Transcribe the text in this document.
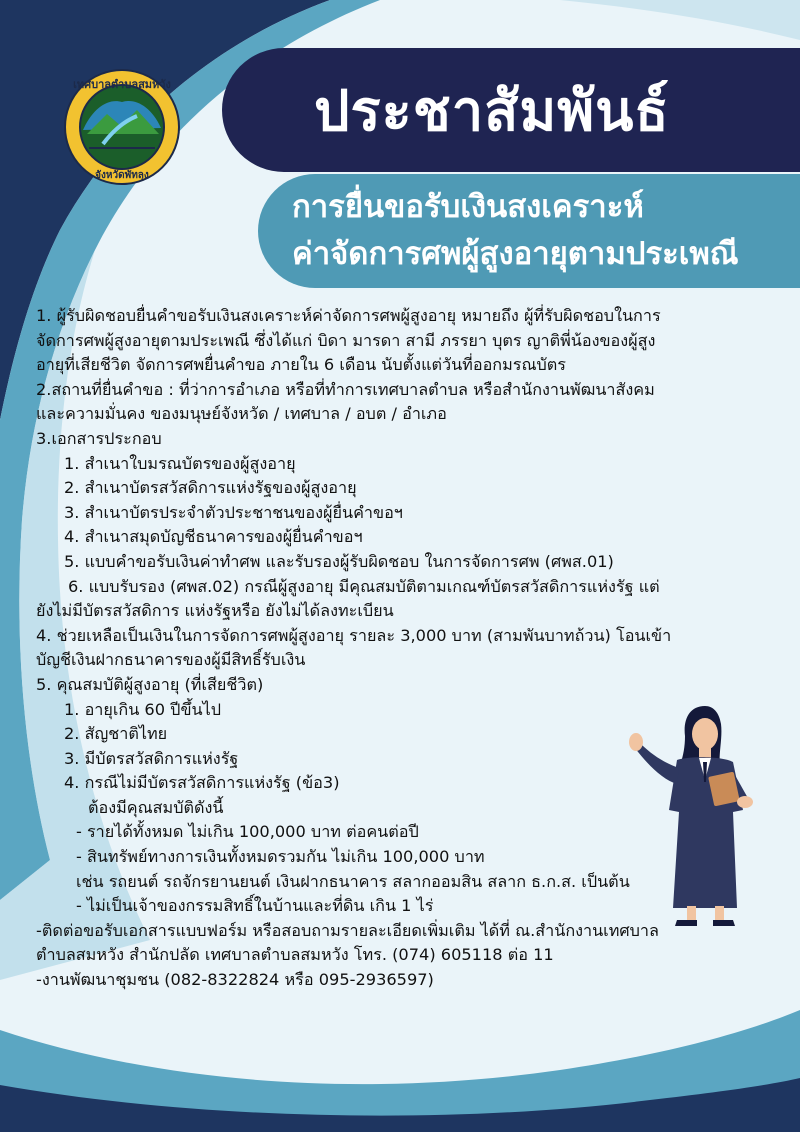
เทศบาลตำบลสมหวัง
จังหวัดพัทลุง
ประชาสัมพันธ์
การยื่นขอรับเงินสงเคราะห์
ค่าจัดการศพผู้สูงอายุตามประเพณี

1. ผู้รับผิดชอบยื่นคำขอรับเงินสงเคราะห์ค่าจัดการศพผู้สูงอายุ หมายถึง ผู้ที่รับผิดชอบในการ

จัดการศพผู้สูงอายุตามประเพณี ซึ่งได้แก่ บิดา มารดา สามี ภรรยา บุตร ญาติพี่น้องของผู้สูง

อายุที่เสียชีวิต จัดการศพยื่นคำขอ ภายใน 6 เดือน นับตั้งแต่วันที่ออกมรณบัตร

2.สถานที่ยื่นคำขอ : ที่ว่าการอำเภอ หรือที่ทำการเทศบาลตำบล หรือสำนักงานพัฒนาสังคม

และความมั่นคง ของมนุษย์จังหวัด / เทศบาล / อบต / อำเภอ

3.เอกสารประกอบ

1. สำเนาใบมรณบัตรของผู้สูงอายุ

2. สำเนาบัตรสวัสดิการแห่งรัฐของผู้สูงอายุ

3. สำเนาบัตรประจำตัวประชาชนของผู้ยื่นคำขอฯ

4. สำเนาสมุดบัญชีธนาคารของผู้ยื่นคำขอฯ

5. แบบคำขอรับเงินค่าทำศพ และรับรองผู้รับผิดชอบ ในการจัดการศพ (ศพส.01)

6. แบบรับรอง (ศพส.02) กรณีผู้สูงอายุ มีคุณสมบัติตามเกณฑ์บัตรสวัสดิการแห่งรัฐ แต่

ยังไม่มีบัตรสวัสดิการ แห่งรัฐหรือ ยังไม่ได้ลงทะเบียน

4. ช่วยเหลือเป็นเงินในการจัดการศพผู้สูงอายุ รายละ 3,000 บาท (สามพันบาทถ้วน) โอนเข้า

บัญชีเงินฝากธนาคารของผู้มีสิทธิ์รับเงิน

5. คุณสมบัติผู้สูงอายุ (ที่เสียชีวิต)

1. อายุเกิน 60 ปีขึ้นไป

2. สัญชาติไทย

3. มีบัตรสวัสดิการแห่งรัฐ

4. กรณีไม่มีบัตรสวัสดิการแห่งรัฐ (ข้อ3)

ต้องมีคุณสมบัติดังนี้

- รายได้ทั้งหมด ไม่เกิน 100,000 บาท ต่อคนต่อปี

- สินทรัพย์ทางการเงินทั้งหมดรวมกัน ไม่เกิน 100,000 บาท

เช่น รถยนต์ รถจักรยานยนต์ เงินฝากธนาคาร สลากออมสิน สลาก ธ.ก.ส. เป็นต้น

- ไม่เป็นเจ้าของกรรมสิทธิ์ในบ้านและที่ดิน เกิน 1 ไร่

-ติดต่อขอรับเอกสารแบบฟอร์ม หรือสอบถามรายละเอียดเพิ่มเติม ได้ที่ ณ.สำนักงานเทศบาล

ตำบลสมหวัง สำนักปลัด เทศบาลตำบลสมหวัง โทร. (074) 605118 ต่อ 11

-งานพัฒนาชุมชน (082-8322824 หรือ 095-2936597)
